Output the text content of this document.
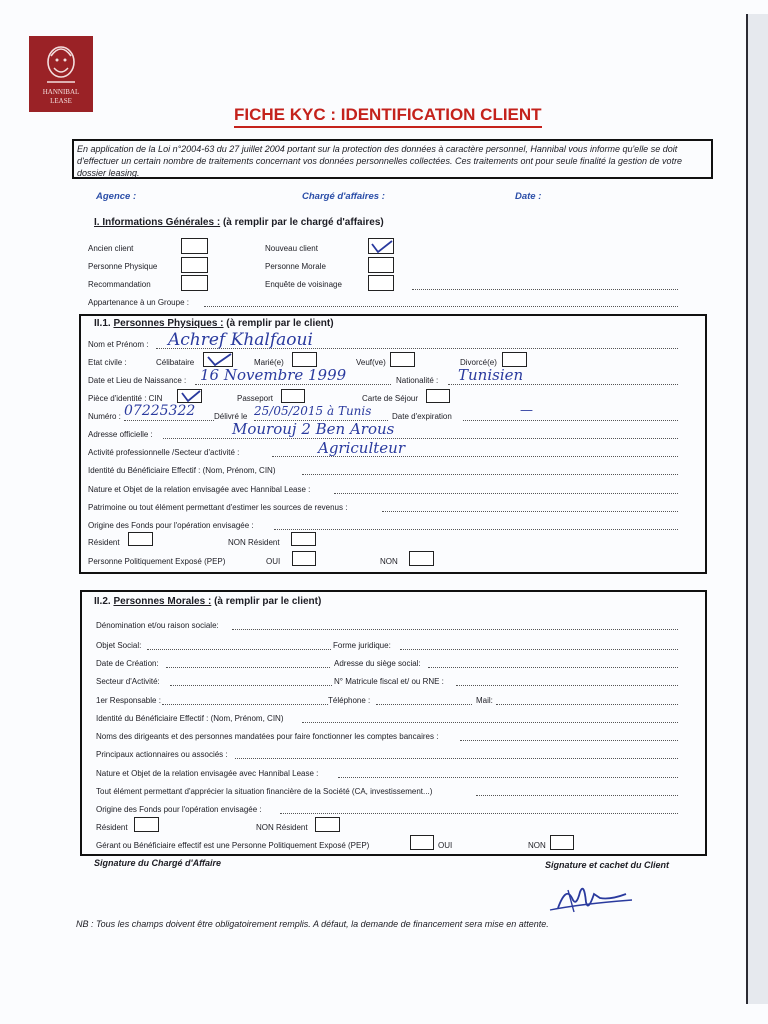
HANNIBAL
LEASE
FICHE KYC : IDENTIFICATION CLIENT
En application de la Loi n°2004-63 du 27 juillet 2004 portant sur la protection des données à caractère personnel, Hannibal vous informe qu'elle se doit d'effectuer un certain nombre de traitements concernant vos données personnelles collectées. Ces traitements ont pour seule finalité la gestion de votre dossier leasing.
Agence :	Chargé d'affaires :	Date :
I. Informations Générales : (à remplir par le chargé d'affaires)
Ancien client	Nouveau client
Personne Physique	Personne Morale
Recommandation	Enquête de voisinage
Appartenance à un Groupe :
II.1. Personnes Physiques : (à remplir par le client)
Nom et Prénom : Achref Khalfaoui
Etat civile :	Célibataire	Marié(e)	Veuf(ve)	Divorcé(e)
Date et Lieu de Naissance : 16 Novembre 1999	Nationalité : Tunisien
Pièce d'identité : CIN	Passeport	Carte de Séjour
Numéro : 07225322 Délivré le 25/05/2015 à Tunis	Date d'expiration	—
Adresse officielle :	Mourouj 2 Ben Arous
Activité professionnelle /Secteur d'activité :	Agriculteur
Identité du Bénéficiaire Effectif : (Nom, Prénom, CIN)
Nature et Objet de la relation envisagée avec Hannibal Lease :
Patrimoine ou tout élément permettant d'estimer les sources de revenus :
Origine des Fonds pour l'opération envisagée :
Résident	NON Résident
Personne Politiquement Exposé (PEP)	OUI	NON
II.2. Personnes Morales : (à remplir par le client)
Dénomination et/ou raison sociale:
Objet Social:	Forme juridique:
Date de Création:	Adresse du siège social:
Secteur d'Activité:	N° Matricule fiscal et/ ou RNE :
1er Responsable :	Téléphone :	Mail:
Identité du Bénéficiaire Effectif : (Nom, Prénom, CIN)
Noms des dirigeants et des personnes mandatées pour faire fonctionner les comptes bancaires :
Principaux actionnaires ou associés :
Nature et Objet de la relation envisagée avec Hannibal Lease :
Tout élément permettant d'apprécier la situation financière de la Société (CA, investissement...)
Origine des Fonds pour l'opération envisagée :
Résident	NON Résident
Gérant ou Bénéficiaire effectif est une Personne Politiquement Exposé (PEP)	OUI	NON
Signature du Chargé d'Affaire	Signature et cachet du Client
NB : Tous les champs doivent être obligatoirement remplis. A défaut, la demande de financement sera mise en attente.
